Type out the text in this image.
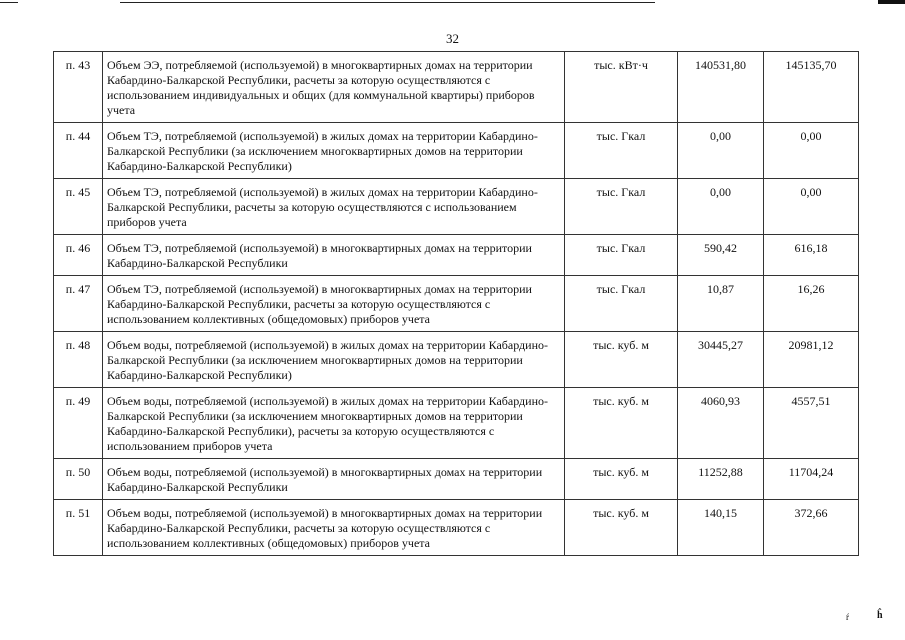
32
п. 43	Объем ЭЭ, потребляемой (используемой) в многоквартирных домах на территории Кабардино-Балкарской Республики, расчеты за которую осуществляются с использованием индивидуальных и общих (для коммунальной квартиры) приборов учета	тыс. кВт·ч	140531,80	145135,70
п. 44	Объем ТЭ, потребляемой (используемой) в жилых домах на территории Кабардино-Балкарской Республики (за исключением многоквартирных домов на территории Кабардино-Балкарской Республики)	тыс. Гкал	0,00	0,00
п. 45	Объем ТЭ, потребляемой (используемой) в жилых домах на территории Кабардино-Балкарской Республики, расчеты за которую осуществляются с использованием приборов учета	тыс. Гкал	0,00	0,00
п. 46	Объем ТЭ, потребляемой (используемой) в многоквартирных домах на территории Кабардино-Балкарской Республики	тыс. Гкал	590,42	616,18
п. 47	Объем ТЭ, потребляемой (используемой) в многоквартирных домах на территории Кабардино-Балкарской Республики, расчеты за которую осуществляются с использованием коллективных (общедомовых) приборов учета	тыс. Гкал	10,87	16,26
п. 48	Объем воды, потребляемой (используемой) в жилых домах на территории Кабардино-Балкарской Республики (за исключением многоквартирных домов на территории Кабардино-Балкарской Республики)	тыс. куб. м	30445,27	20981,12
п. 49	Объем воды, потребляемой (используемой) в жилых домах на территории Кабардино-Балкарской Республики (за исключением многоквартирных домов на территории Кабардино-Балкарской Республики), расчеты за которую осуществляются с использованием приборов учета	тыс. куб. м	4060,93	4557,51
п. 50	Объем воды, потребляемой (используемой) в многоквартирных домах на территории Кабардино-Балкарской Республики	тыс. куб. м	11252,88	11704,24
п. 51	Объем воды, потребляемой (используемой) в многоквартирных домах на территории Кабардино-Балкарской Республики, расчеты за которую осуществляются с использованием коллективных (общедомовых) приборов учета	тыс. куб. м	140,15	372,66
ŕ	ĥ
